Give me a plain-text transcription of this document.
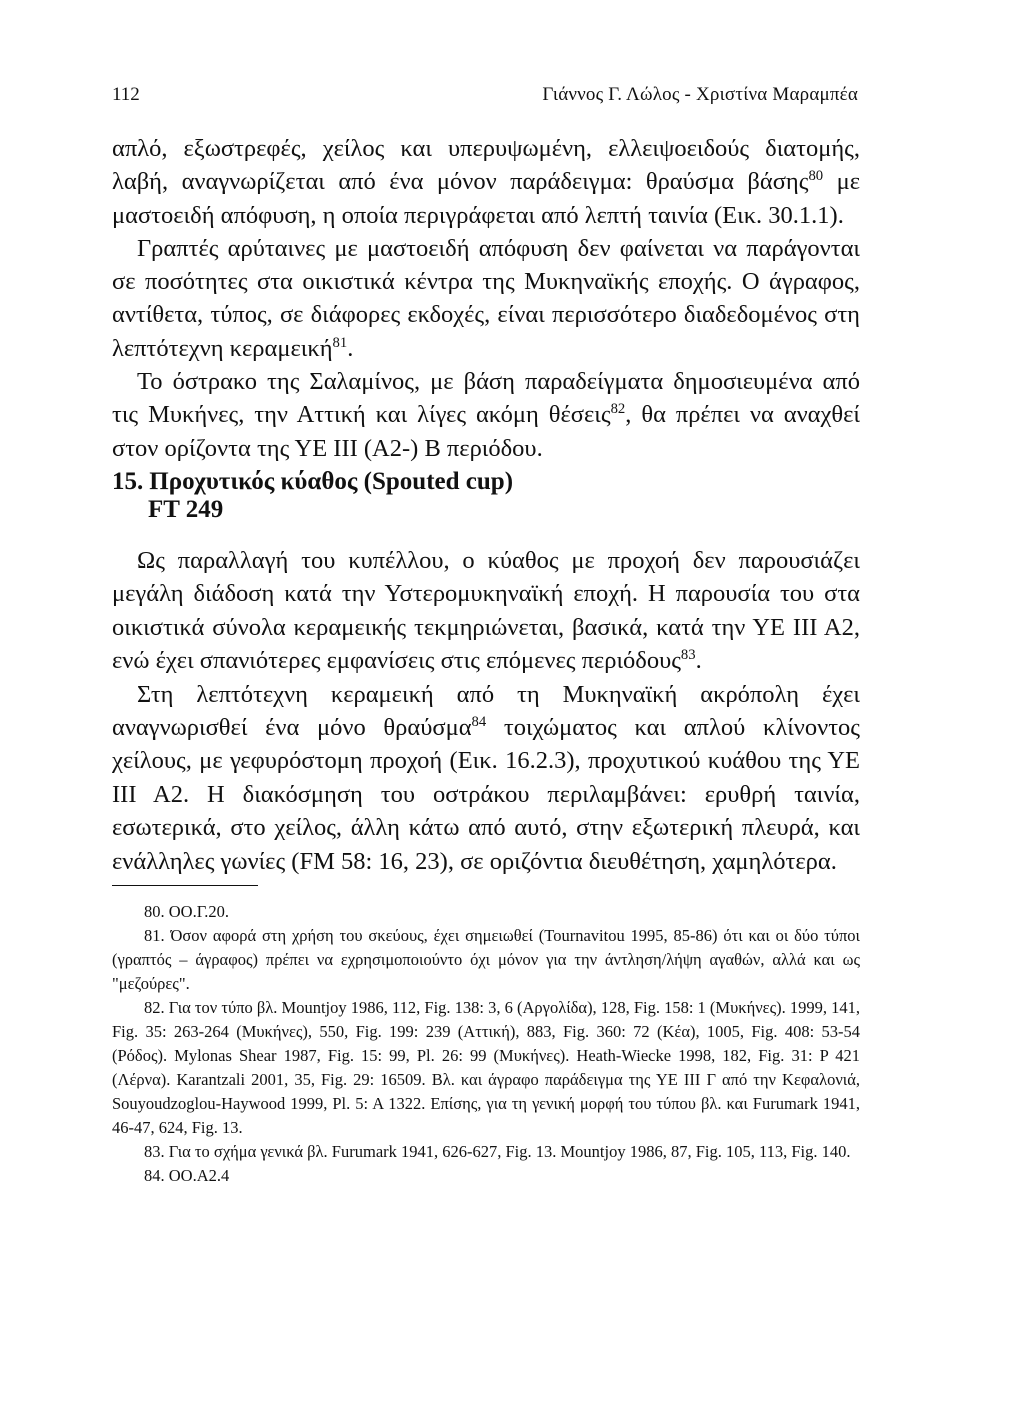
112	Γιάννος Γ. Λώλος - Χριστίνα Μαραμπέα

απλό, εξωστρεφές, χείλος και υπερυψωμένη, ελλειψοειδούς διατομής, λαβή, αναγνωρίζεται από ένα μόνον παράδειγμα: θραύσμα βάσης$^{80}$ με μαστοειδή απόφυση, η οποία περιγράφεται από λεπτή ταινία (Εικ. 30.1.1).

Γραπτές αρύταινες με μαστοειδή απόφυση δεν φαίνεται να παράγονται σε ποσότητες στα οικιστικά κέντρα της Μυκηναϊκής εποχής. Ο άγραφος, αντίθετα, τύπος, σε διάφορες εκδοχές, είναι περισσότερο διαδεδομένος στη λεπτότεχνη κεραμεική$^{81}$.

Το όστρακο της Σαλαμίνος, με βάση παραδείγματα δημοσιευμένα από τις Μυκήνες, την Αττική και λίγες ακόμη θέσεις$^{82}$, θα πρέπει να αναχθεί στον ορίζοντα της ΥΕ ΙΙΙ (Α2-) Β περιόδου.

15. Προχυτικός κύαθος (Spouted cup)
FT 249

Ως παραλλαγή του κυπέλλου, ο κύαθος με προχοή δεν παρουσιάζει μεγάλη διάδοση κατά την Υστερομυκηναϊκή εποχή. Η παρουσία του στα οικιστικά σύνολα κεραμεικής τεκμηριώνεται, βασικά, κατά την ΥΕ ΙΙΙ Α2, ενώ έχει σπανιότερες εμφανίσεις στις επόμενες περιόδους$^{83}$.

Στη λεπτότεχνη κεραμεική από τη Μυκηναϊκή ακρόπολη έχει αναγνωρισθεί ένα μόνο θραύσμα$^{84}$ τοιχώματος και απλού κλίνοντος χείλους, με γεφυρόστομη προχοή (Εικ. 16.2.3), προχυτικού κυάθου της ΥΕ ΙΙΙ Α2. Η διακόσμηση του οστράκου περιλαμβάνει: ερυθρή ταινία, εσωτερικά, στο χείλος, άλλη κάτω από αυτό, στην εξωτερική πλευρά, και ενάλληλες γωνίες (FM 58: 16, 23), σε οριζόντια διευθέτηση, χαμηλότερα.

80. ΟΟ.Γ.20.

81. Όσον αφορά στη χρήση του σκεύους, έχει σημειωθεί (Tournavitou 1995, 85-86) ότι και οι δύο τύποι (γραπτός – άγραφος) πρέπει να εχρησιμοποιούντο όχι μόνον για την άντληση/λήψη αγαθών, αλλά και ως "μεζούρες".

82. Για τον τύπο βλ. Mountjoy 1986, 112, Fig. 138: 3, 6 (Αργολίδα), 128, Fig. 158: 1 (Μυκήνες). 1999, 141, Fig. 35: 263-264 (Μυκήνες), 550, Fig. 199: 239 (Αττική), 883, Fig. 360: 72 (Κέα), 1005, Fig. 408: 53-54 (Ρόδος). Mylonas Shear 1987, Fig. 15: 99, Pl. 26: 99 (Μυκήνες). Heath-Wiecke 1998, 182, Fig. 31: P 421 (Λέρνα). Karantzali 2001, 35, Fig. 29: 16509. Βλ. και άγραφο παράδειγμα της ΥΕ ΙΙΙ Γ από την Κεφαλονιά, Souyoudzoglou-Haywood 1999, Pl. 5: A 1322. Επίσης, για τη γενική μορφή του τύπου βλ. και Furumark 1941, 46-47, 624, Fig. 13.

83. Για το σχήμα γενικά βλ. Furumark 1941, 626-627, Fig. 13. Mountjoy 1986, 87, Fig. 105, 113, Fig. 140.

84. ΟΟ.Α2.4
